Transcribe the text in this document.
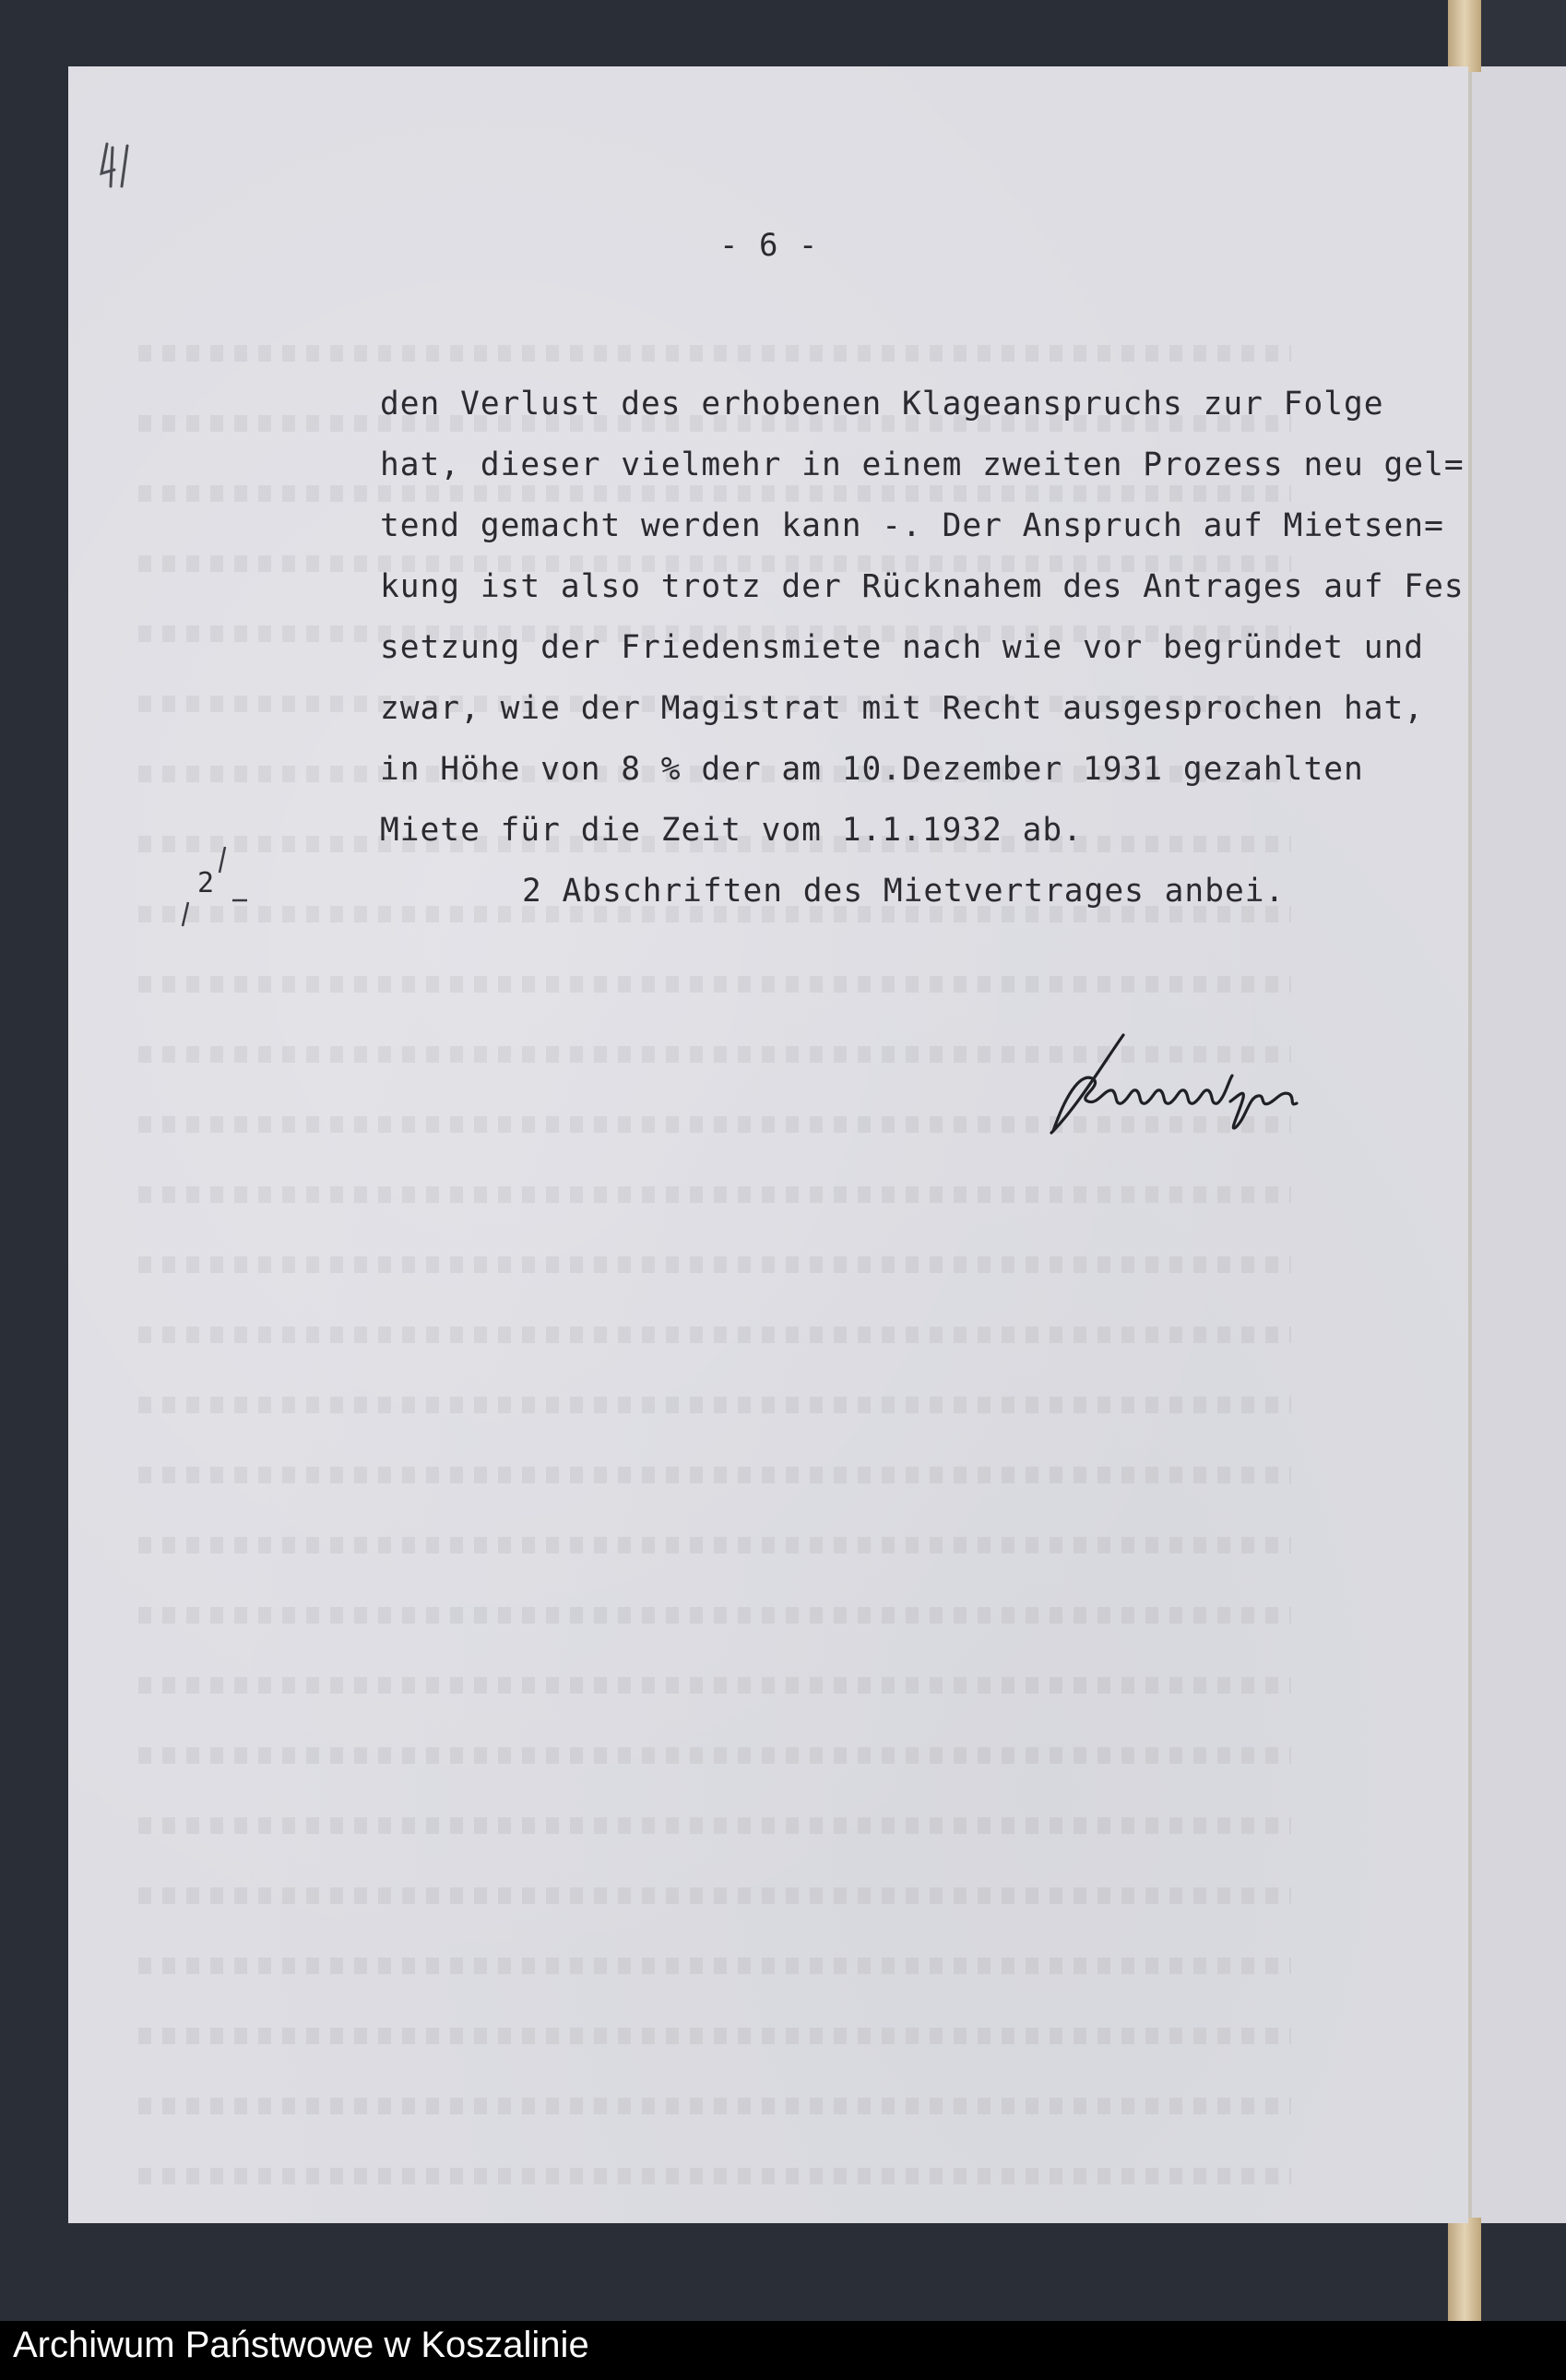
- 6 -
den Verlust des erhobenen Klageanspruchs zur Folge
hat, dieser vielmehr in einem zweiten Prozess neu gel=
tend gemacht werden kann -. Der Anspruch auf Mietsen=
kung ist also trotz der Rücknahem des Antrages auf Fes
setzung der Friedensmiete nach wie vor begründet und
zwar, wie der Magistrat mit Recht ausgesprochen hat,
in Höhe von 8 % der am 10.Dezember 1931 gezahlten
Miete für die Zeit vom 1.1.1932 ab.
2	2 Abschriften des Mietvertrages anbei.
Archiwum Państwowe w Koszalinie
